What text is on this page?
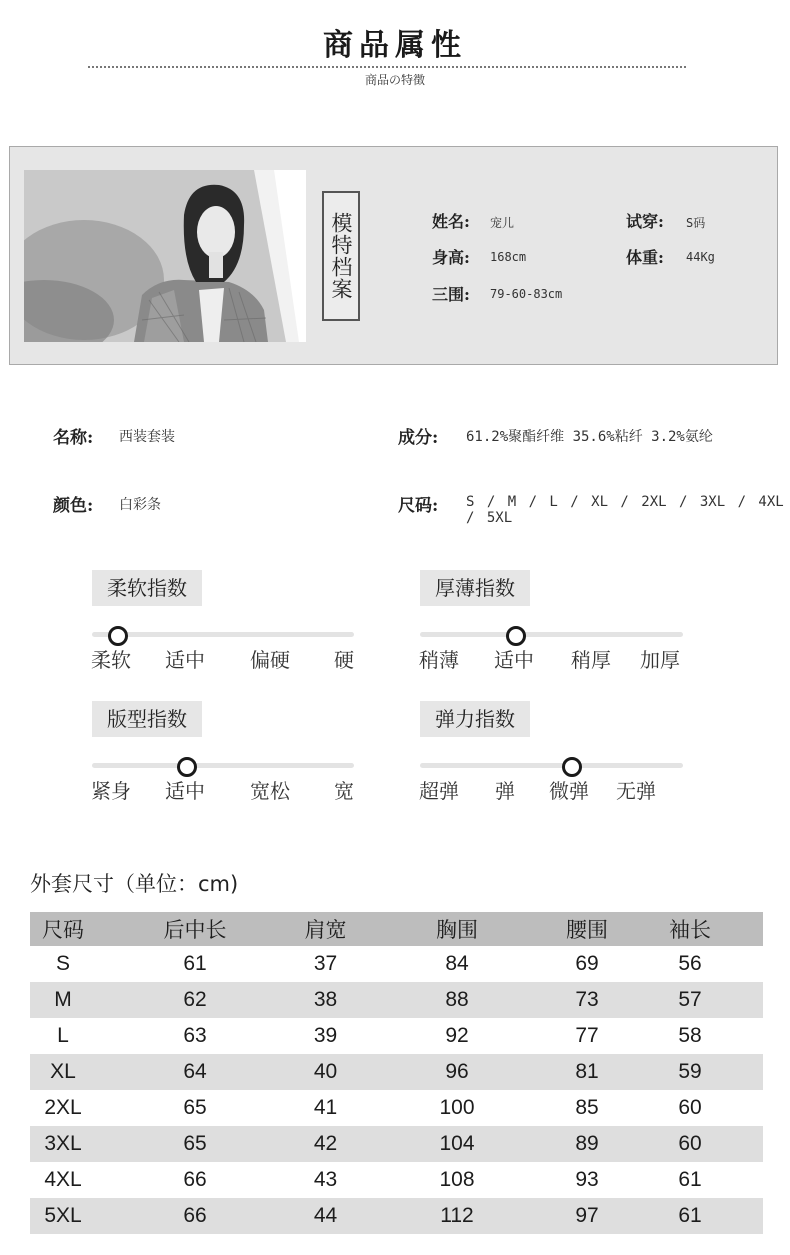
商品属性
商品の特徴
模特档案	姓名: 宠儿	试穿: S码
身高: 168cm	体重: 44Kg
三围: 79-60-83cm
名称: 西装套装	成分: 61.2%聚酯纤维 35.6%粘纤 3.2%氨纶
颜色: 白彩条	尺码: S / M / L / XL / 2XL / 3XL / 4XL / 5XL
柔软指数
柔软 适中 偏硬 硬
厚薄指数
稍薄 适中 稍厚 加厚
版型指数
紧身 适中 宽松 宽
弹力指数
超弹 弹 微弹 无弹
外套尺寸（单位：cm)
尺码	后中长	肩宽	胸围	腰围	袖长
S	61	37	84	69	56
M	62	38	88	73	57
L	63	39	92	77	58
XL	64	40	96	81	59
2XL	65	41	100	85	60
3XL	65	42	104	89	60
4XL	66	43	108	93	61
5XL	66	44	112	97	61
